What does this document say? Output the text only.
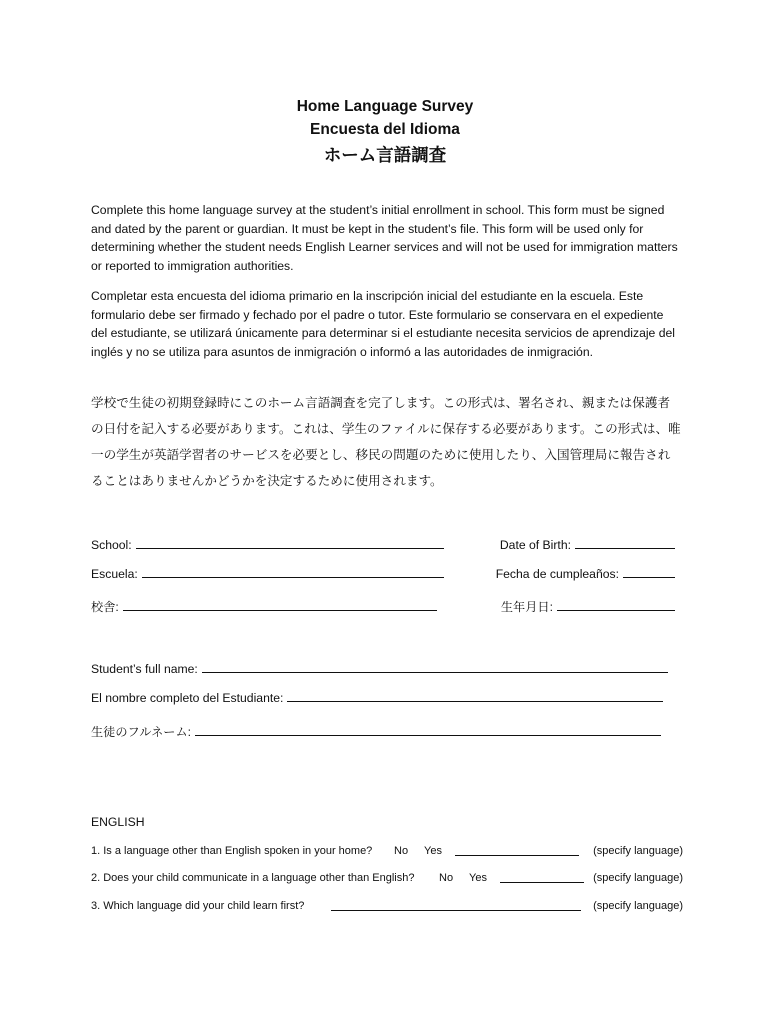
Home Language Survey
Encuesta del Idioma
ホーム言語調査
Complete this home language survey at the student’s initial enrollment in school. This form must be signed and dated by the parent or guardian. It must be kept in the student’s file. This form will be used only for determining whether the student needs English Learner services and will not be used for immigration matters or reported to immigration authorities.
Completar esta encuesta del idioma primario en la inscripción inicial del estudiante en la escuela. Este formulario debe ser firmado y fechado por el padre o tutor. Este formulario se conservara en el expediente del estudiante, se utilizará únicamente para determinar si el estudiante necesita servicios de aprendizaje del inglés y no se utiliza para asuntos de inmigración o informó a las autoridades de inmigración.
学校で生徒の初期登録時にこのホーム言語調査を完了します。この形式は、署名され、親または保護者の日付を記入する必要があります。これは、学生のファイルに保存する必要があります。この形式は、唯一の学生が英語学習者のサービスを必要とし、移民の問題のために使用したり、入国管理局に報告されることはありませんかどうかを決定するために使用されます。
School:	Date of Birth:
Escuela:	Fecha de cumpleaños:
校舎:	生年月日:
Student’s full name:
El nombre completo del Estudiante:
生徒のフルネーム:
ENGLISH
1. Is a language other than English spoken in your home? No Yes	(specify language)
2. Does your child communicate in a language other than English? No Yes	(specify language)
3. Which language did your child learn first?	(specify language)
